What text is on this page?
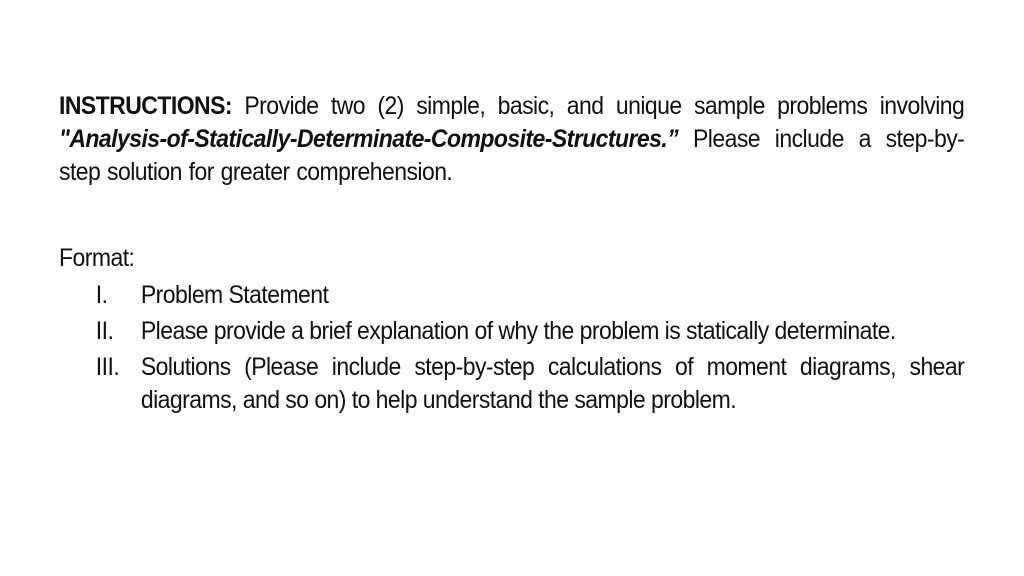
INSTRUCTIONS: Provide two (2) simple, basic, and unique sample problems involving "Analysis-of-Statically-Determinate-Composite-Structures.” Please include a step-by-step solution for greater comprehension.

Format:
I.	Problem Statement
II.	Please provide a brief explanation of why the problem is statically determinate.
III. Solutions (Please include step-by-step calculations of moment diagrams, shear diagrams, and so on) to help understand the sample problem.
